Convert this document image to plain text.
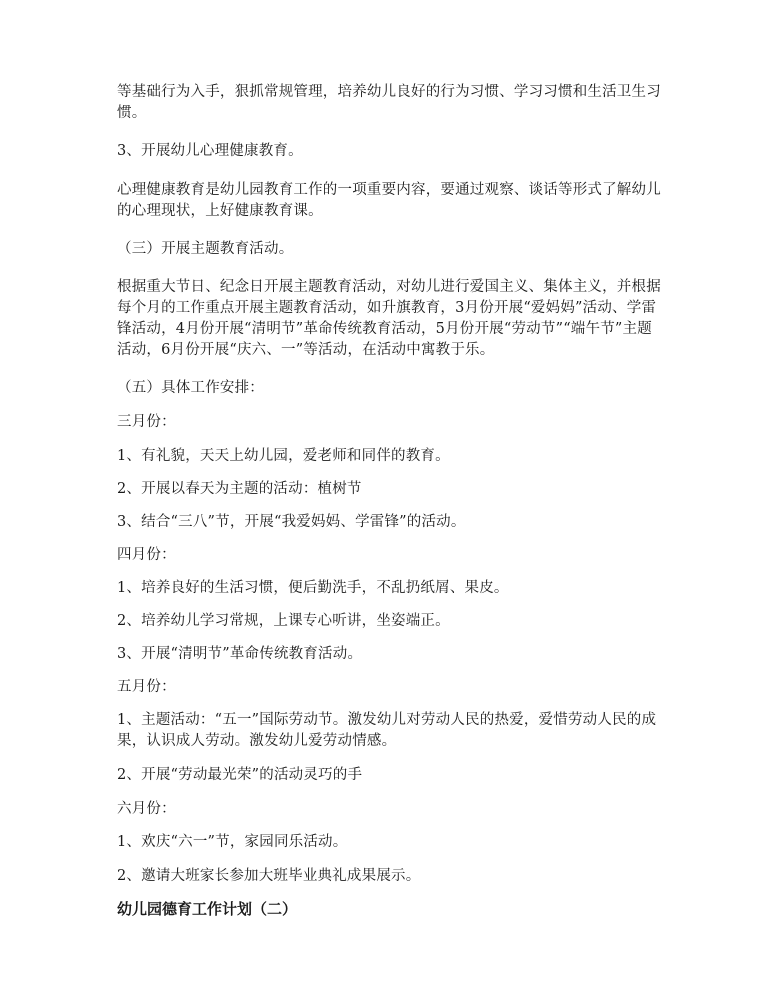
等基础行为入手，狠抓常规管理，培养幼儿良好的行为习惯、学习习惯和生活卫生习惯。

3、开展幼儿心理健康教育。

心理健康教育是幼儿园教育工作的一项重要内容，要通过观察、谈话等形式了解幼儿的心理现状，上好健康教育课。

（三）开展主题教育活动。

根据重大节日、纪念日开展主题教育活动，对幼儿进行爱国主义、集体主义，并根据每个月的工作重点开展主题教育活动，如升旗教育，3月份开展“爱妈妈”活动、学雷锋活动，4月份开展“清明节”革命传统教育活动，5月份开展“劳动节”“端午节”主题活动，6月份开展“庆六、一”等活动，在活动中寓教于乐。

（五）具体工作安排：

三月份：

1、有礼貌，天天上幼儿园，爱老师和同伴的教育。

2、开展以春天为主题的活动：植树节

3、结合“三八”节，开展“我爱妈妈、学雷锋”的活动。

四月份：

1、培养良好的生活习惯，便后勤洗手，不乱扔纸屑、果皮。

2、培养幼儿学习常规，上课专心听讲，坐姿端正。

3、开展“清明节”革命传统教育活动。

五月份：

1、主题活动：“五一”国际劳动节。激发幼儿对劳动人民的热爱，爱惜劳动人民的成果，认识成人劳动。激发幼儿爱劳动情感。

2、开展“劳动最光荣”的活动灵巧的手

六月份：

1、欢庆“六一”节，家园同乐活动。

2、邀请大班家长参加大班毕业典礼成果展示。

幼儿园德育工作计划（二）
